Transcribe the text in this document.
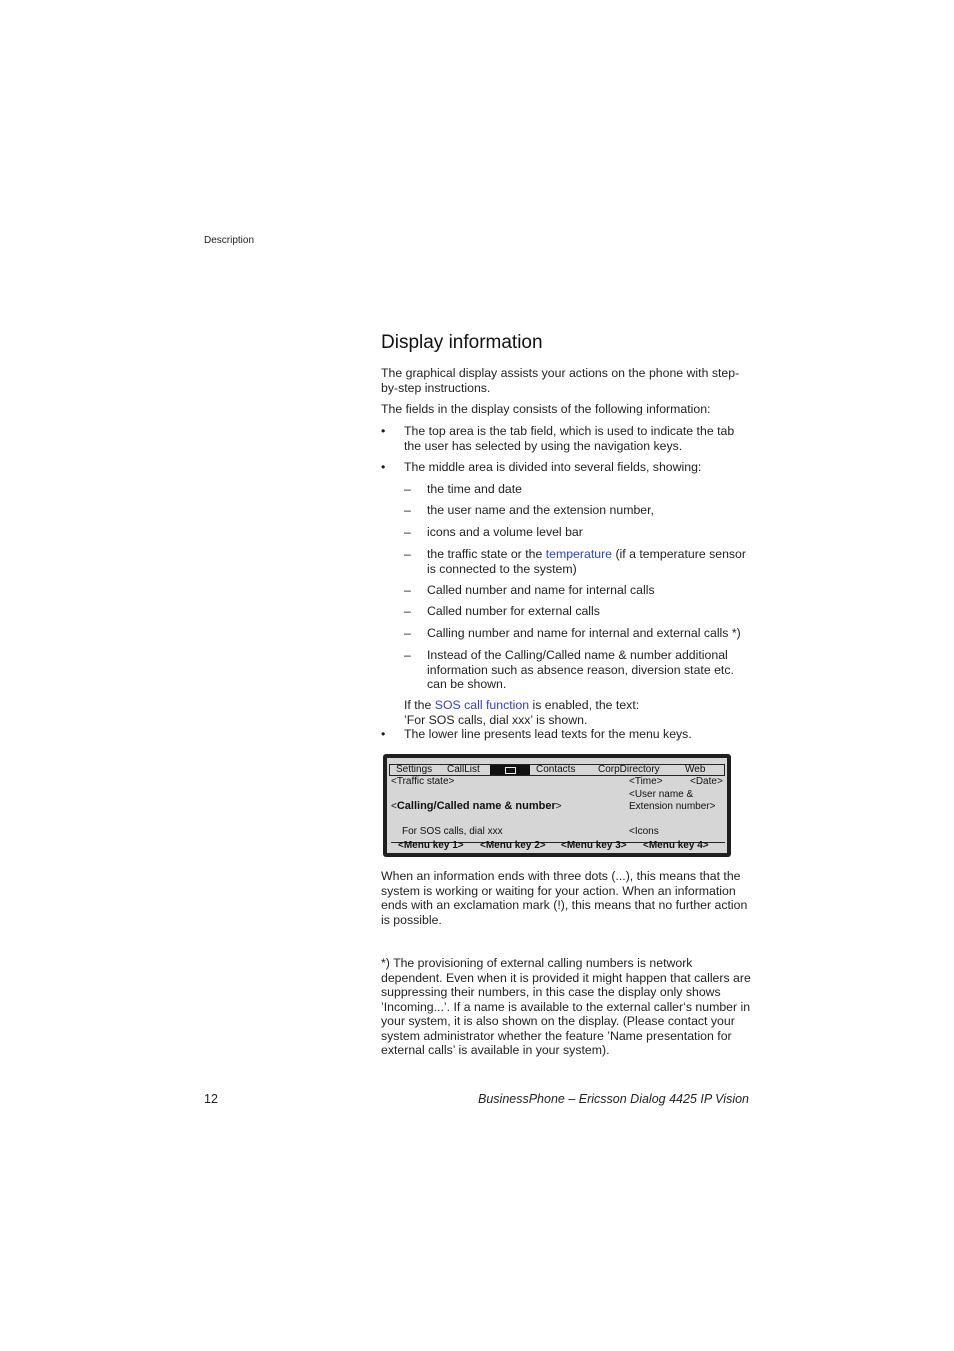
Description
Display information

The graphical display assists your actions on the phone with step-by-step instructions.

The fields in the display consists of the following information:

• The top area is the tab field, which is used to indicate the tab the user has selected by using the navigation keys.
• The middle area is divided into several fields, showing:
– the time and date
– the user name and the extension number,
– icons and a volume level bar
– the traffic state or the temperature (if a temperature sensor is connected to the system)
– Called number and name for internal calls
– Called number for external calls
– Calling number and name for internal and external calls *)
– Instead of the Calling/Called name & number additional information such as absence reason, diversion state etc. can be shown.
If the SOS call function is enabled, the text:
’For SOS calls, dial xxx’ is shown.
• The lower line presents lead texts for the menu keys.
Settings CallList	Contacts CorpDirectory	Web
<Traffic state>	<Time>	<Date>
<User name &
<Calling/Called name & number>	Extension number>
For SOS calls, dial xxx	<Icons
<Menu key 1> <Menu key 2> <Menu key 3> <Menu key 4>

When an information ends with three dots (...), this means that the system is working or waiting for your action. When an information ends with an exclamation mark (!), this means that no further action is possible.

*) The provisioning of external calling numbers is network dependent. Even when it is provided it might happen that callers are suppressing their numbers, in this case the display only shows ’Incoming...’. If a name is available to the external caller‘s number in your system, it is also shown on the display. (Please contact your system administrator whether the feature ’Name presentation for external calls’ is available in your system).

12	BusinessPhone – Ericsson Dialog 4425 IP Vision
